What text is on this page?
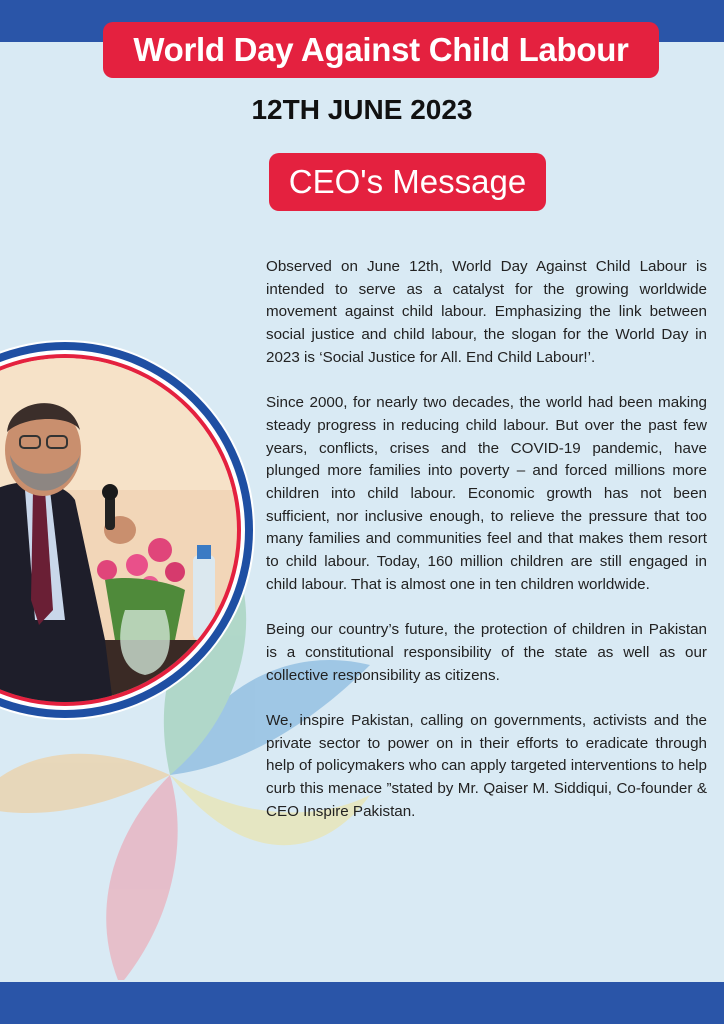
World Day Against Child Labour
12TH JUNE 2023
CEO's Message

Observed on June 12th, World Day Against Child Labour is intended to serve as a catalyst for the growing worldwide movement against child labour. Emphasizing the link between social justice and child labour, the slogan for the World Day in 2023 is ‘Social Justice for All. End Child Labour!’.

Since 2000, for nearly two decades, the world had been making steady progress in reducing child labour. But over the past few years, conflicts, crises and the COVID-19 pandemic, have plunged more families into poverty – and forced millions more children into child labour. Economic growth has not been sufficient, nor inclusive enough, to relieve the pressure that too many families and communities feel and that makes them resort to child labour. Today, 160 million children are still engaged in child labour. That is almost one in ten children worldwide.

Being our country’s future, the protection of children in Pakistan is a constitutional responsibility of the state as well as our collective responsibility as citizens.

We, inspire Pakistan, calling on governments, activists and the private sector to power on in their efforts to eradicate through help of policymakers who can apply targeted interventions to help curb this menace ”stated by Mr. Qaiser M. Siddiqui, Co-founder & CEO Inspire Pakistan.
